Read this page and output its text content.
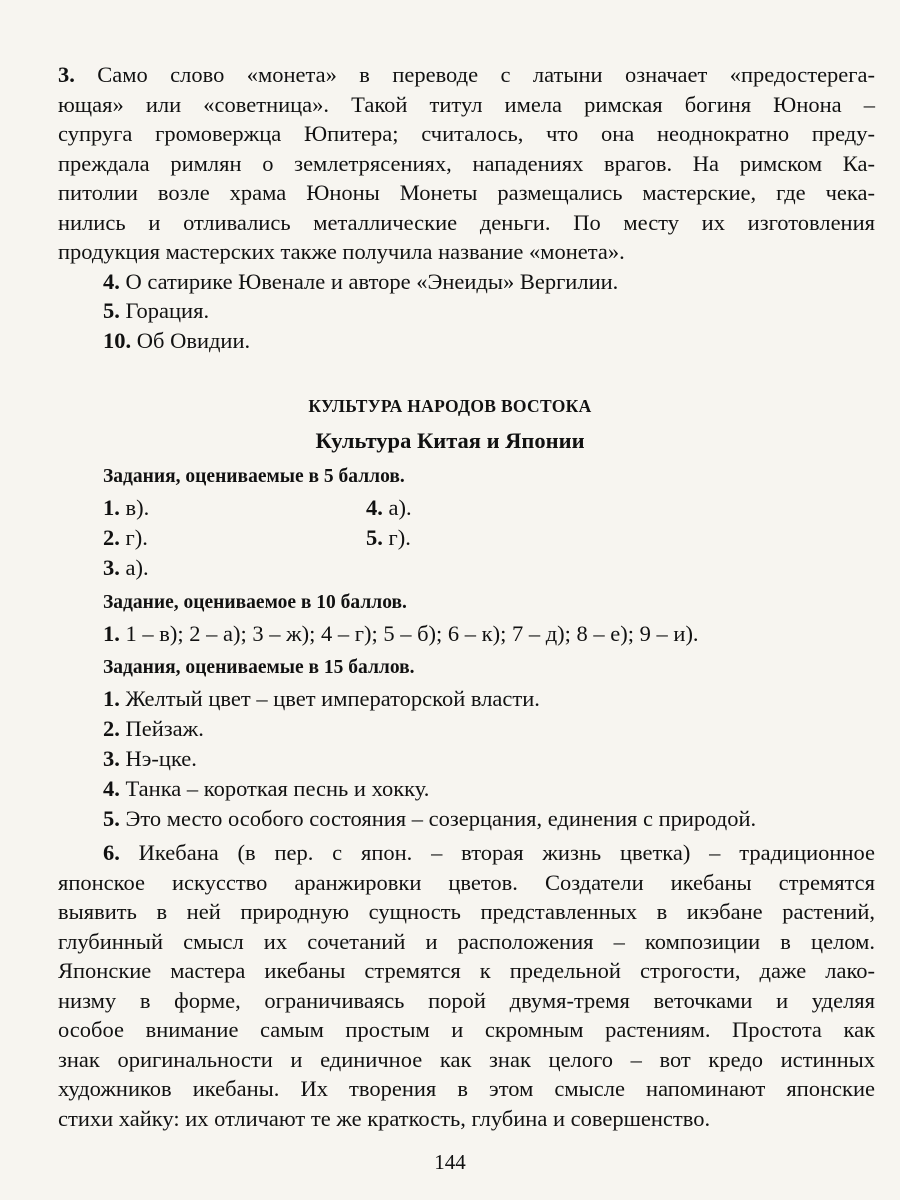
3. Само слово «монета» в переводе с латыни означает «предостерега-
ющая» или «советница». Такой титул имела римская богиня Юнона –
супруга громовержца Юпитера; считалось, что она неоднократно преду-
преждала римлян о землетрясениях, нападениях врагов. На римском Ка-
питолии возле храма Юноны Монеты размещались мастерские, где чека-
нились и отливались металлические деньги. По месту их изготовления
продукция мастерских также получила название «монета».
4. О сатирике Ювенале и авторе «Энеиды» Вергилии.
5. Горация.
10. Об Овидии.
КУЛЬТУРА НАРОДОВ ВОСТОКА
Культура Китая и Японии
Задания, оцениваемые в 5 баллов.
1. в).
2. г).
3. а).
4. а).
5. г).
Задание, оцениваемое в 10 баллов.
1. 1 – в); 2 – а); 3 – ж); 4 – г); 5 – б); 6 – к); 7 – д); 8 – е); 9 – и).
Задания, оцениваемые в 15 баллов.
1. Желтый цвет – цвет императорской власти.
2. Пейзаж.
3. Нэ-цке.
4. Танка – короткая песнь и хокку.
5. Это место особого состояния – созерцания, единения с природой.
6. Икебана (в пер. с япон. – вторая жизнь цветка) – традиционное
японское искусство аранжировки цветов. Создатели икебаны стремятся
выявить в ней природную сущность представленных в икэбане растений,
глубинный смысл их сочетаний и расположения – композиции в целом.
Японские мастера икебаны стремятся к предельной строгости, даже лако-
низму в форме, ограничиваясь порой двумя-тремя веточками и уделяя
особое внимание самым простым и скромным растениям. Простота как
знак оригинальности и единичное как знак целого – вот кредо истинных
художников икебаны. Их творения в этом смысле напоминают японские
стихи хайку: их отличают те же краткость, глубина и совершенство.
144
